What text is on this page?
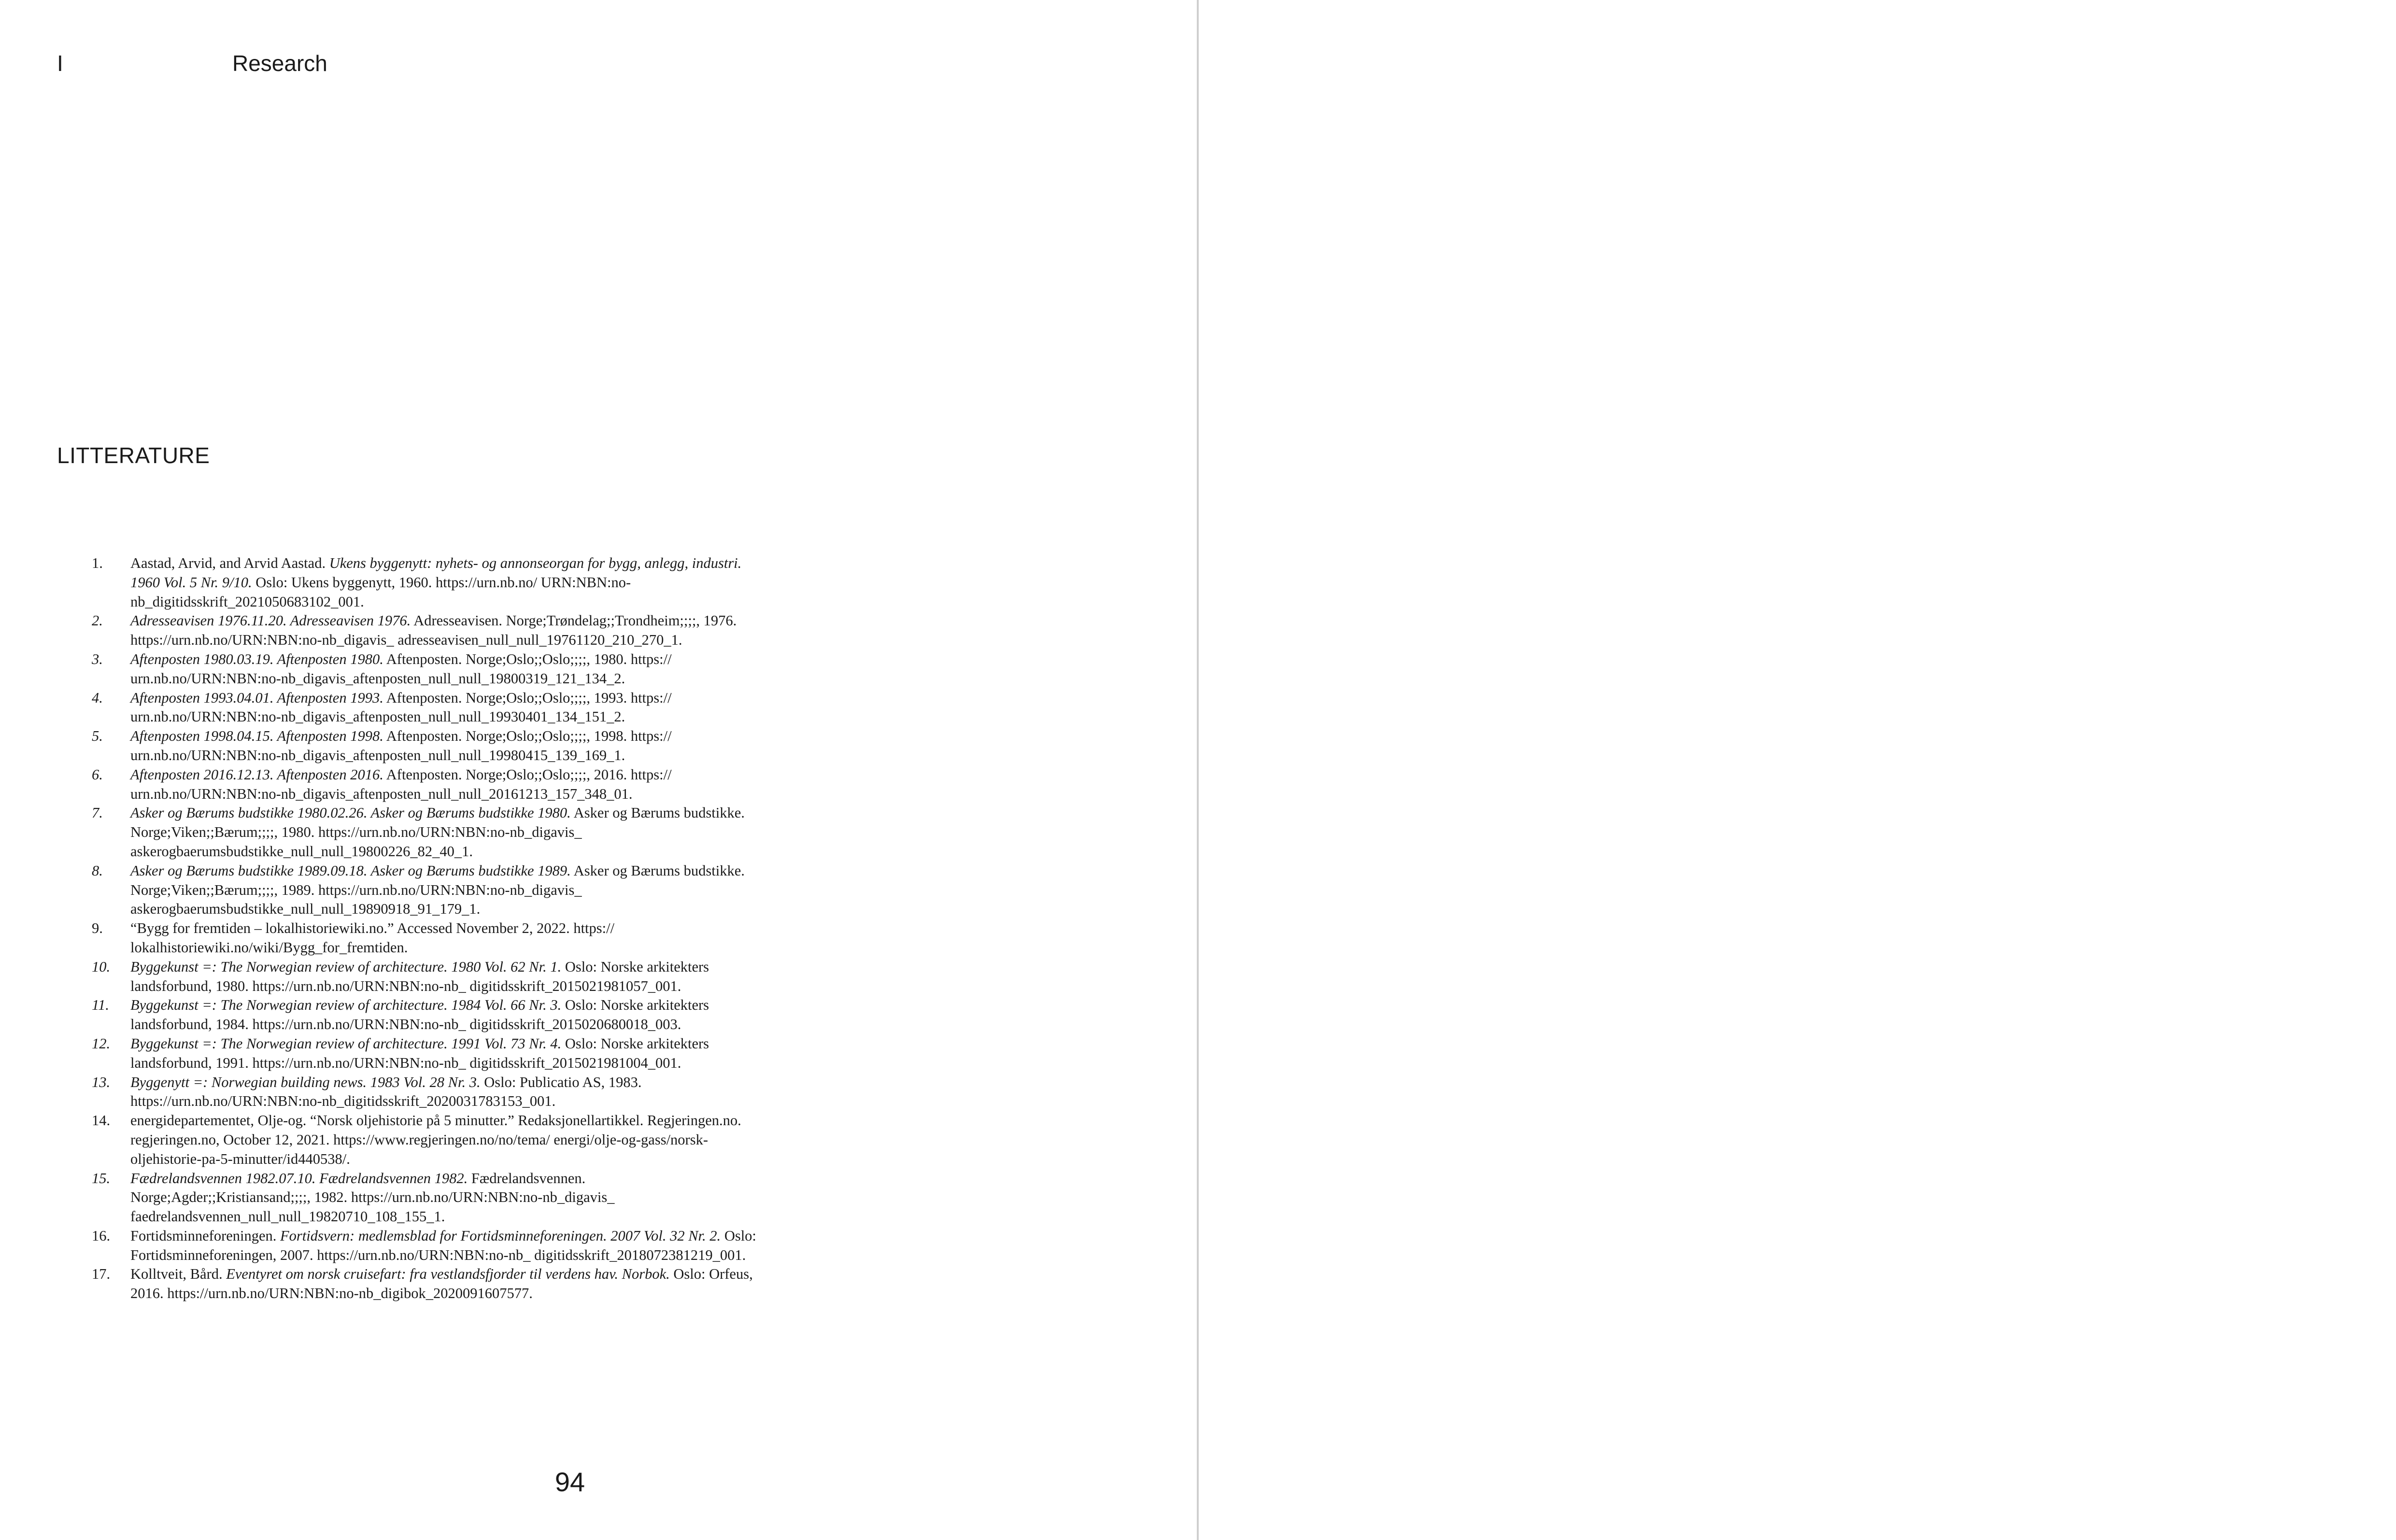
I	Research
LITTERATURE
1.	Aastad, Arvid, and Arvid Aastad. Ukens byggenytt: nyhets- og annonseorgan for bygg, anlegg, industri. 1960 Vol. 5 Nr. 9/10. Oslo: Ukens byggenytt, 1960. https://urn.nb.no/ URN:NBN:no-nb_digitidsskrift_2021050683102_001.
2.	Adresseavisen 1976.11.20. Adresseavisen 1976. Adresseavisen. Norge;Trøndelag;;Trondheim;;;;, 1976. https://urn.nb.no/URN:NBN:no-nb_digavis_ adresseavisen_null_null_19761120_210_270_1.
3.	Aftenposten 1980.03.19. Aftenposten 1980. Aftenposten. Norge;Oslo;;Oslo;;;;, 1980. https:// urn.nb.no/URN:NBN:no-nb_digavis_aftenposten_null_null_19800319_121_134_2.
4.	Aftenposten 1993.04.01. Aftenposten 1993. Aftenposten. Norge;Oslo;;Oslo;;;;, 1993. https:// urn.nb.no/URN:NBN:no-nb_digavis_aftenposten_null_null_19930401_134_151_2.
5.	Aftenposten 1998.04.15. Aftenposten 1998. Aftenposten. Norge;Oslo;;Oslo;;;;, 1998. https:// urn.nb.no/URN:NBN:no-nb_digavis_aftenposten_null_null_19980415_139_169_1.
6.	Aftenposten 2016.12.13. Aftenposten 2016. Aftenposten. Norge;Oslo;;Oslo;;;;, 2016. https:// urn.nb.no/URN:NBN:no-nb_digavis_aftenposten_null_null_20161213_157_348_01.
7.	Asker og Bærums budstikke 1980.02.26. Asker og Bærums budstikke 1980. Asker og Bærums budstikke. Norge;Viken;;Bærum;;;;, 1980. https://urn.nb.no/URN:NBN:no-nb_digavis_ askerogbaerumsbudstikke_null_null_19800226_82_40_1.
8.	Asker og Bærums budstikke 1989.09.18. Asker og Bærums budstikke 1989. Asker og Bærums budstikke. Norge;Viken;;Bærum;;;;, 1989. https://urn.nb.no/URN:NBN:no-nb_digavis_ askerogbaerumsbudstikke_null_null_19890918_91_179_1.
9.	“Bygg for fremtiden – lokalhistoriewiki.no.” Accessed November 2, 2022. https:// lokalhistoriewiki.no/wiki/Bygg_for_fremtiden.
10.	Byggekunst =: The Norwegian review of architecture. 1980 Vol. 62 Nr. 1. Oslo: Norske arkitekters landsforbund, 1980. https://urn.nb.no/URN:NBN:no-nb_ digitidsskrift_2015021981057_001.
11.	Byggekunst =: The Norwegian review of architecture. 1984 Vol. 66 Nr. 3. Oslo: Norske arkitekters landsforbund, 1984. https://urn.nb.no/URN:NBN:no-nb_ digitidsskrift_2015020680018_003.
12.	Byggekunst =: The Norwegian review of architecture. 1991 Vol. 73 Nr. 4. Oslo: Norske arkitekters landsforbund, 1991. https://urn.nb.no/URN:NBN:no-nb_ digitidsskrift_2015021981004_001.
13.	Byggenytt =: Norwegian building news. 1983 Vol. 28 Nr. 3. Oslo: Publicatio AS, 1983. https://urn.nb.no/URN:NBN:no-nb_digitidsskrift_2020031783153_001.
14.	energidepartementet, Olje-og. “Norsk oljehistorie på 5 minutter.” Redaksjonellartikkel. Regjeringen.no. regjeringen.no, October 12, 2021. https://www.regjeringen.no/no/tema/ energi/olje-og-gass/norsk-oljehistorie-pa-5-minutter/id440538/.
15.	Fædrelandsvennen 1982.07.10. Fædrelandsvennen 1982. Fædrelandsvennen. Norge;Agder;;Kristiansand;;;;, 1982. https://urn.nb.no/URN:NBN:no-nb_digavis_ faedrelandsvennen_null_null_19820710_108_155_1.
16.	Fortidsminneforeningen. Fortidsvern: medlemsblad for Fortidsminneforeningen. 2007 Vol. 32 Nr. 2. Oslo: Fortidsminneforeningen, 2007. https://urn.nb.no/URN:NBN:no-nb_ digitidsskrift_2018072381219_001.
17.	Kolltveit, Bård. Eventyret om norsk cruisefart: fra vestlandsfjorder til verdens hav. Norbok. Oslo: Orfeus, 2016. https://urn.nb.no/URN:NBN:no-nb_digibok_2020091607577.
94
